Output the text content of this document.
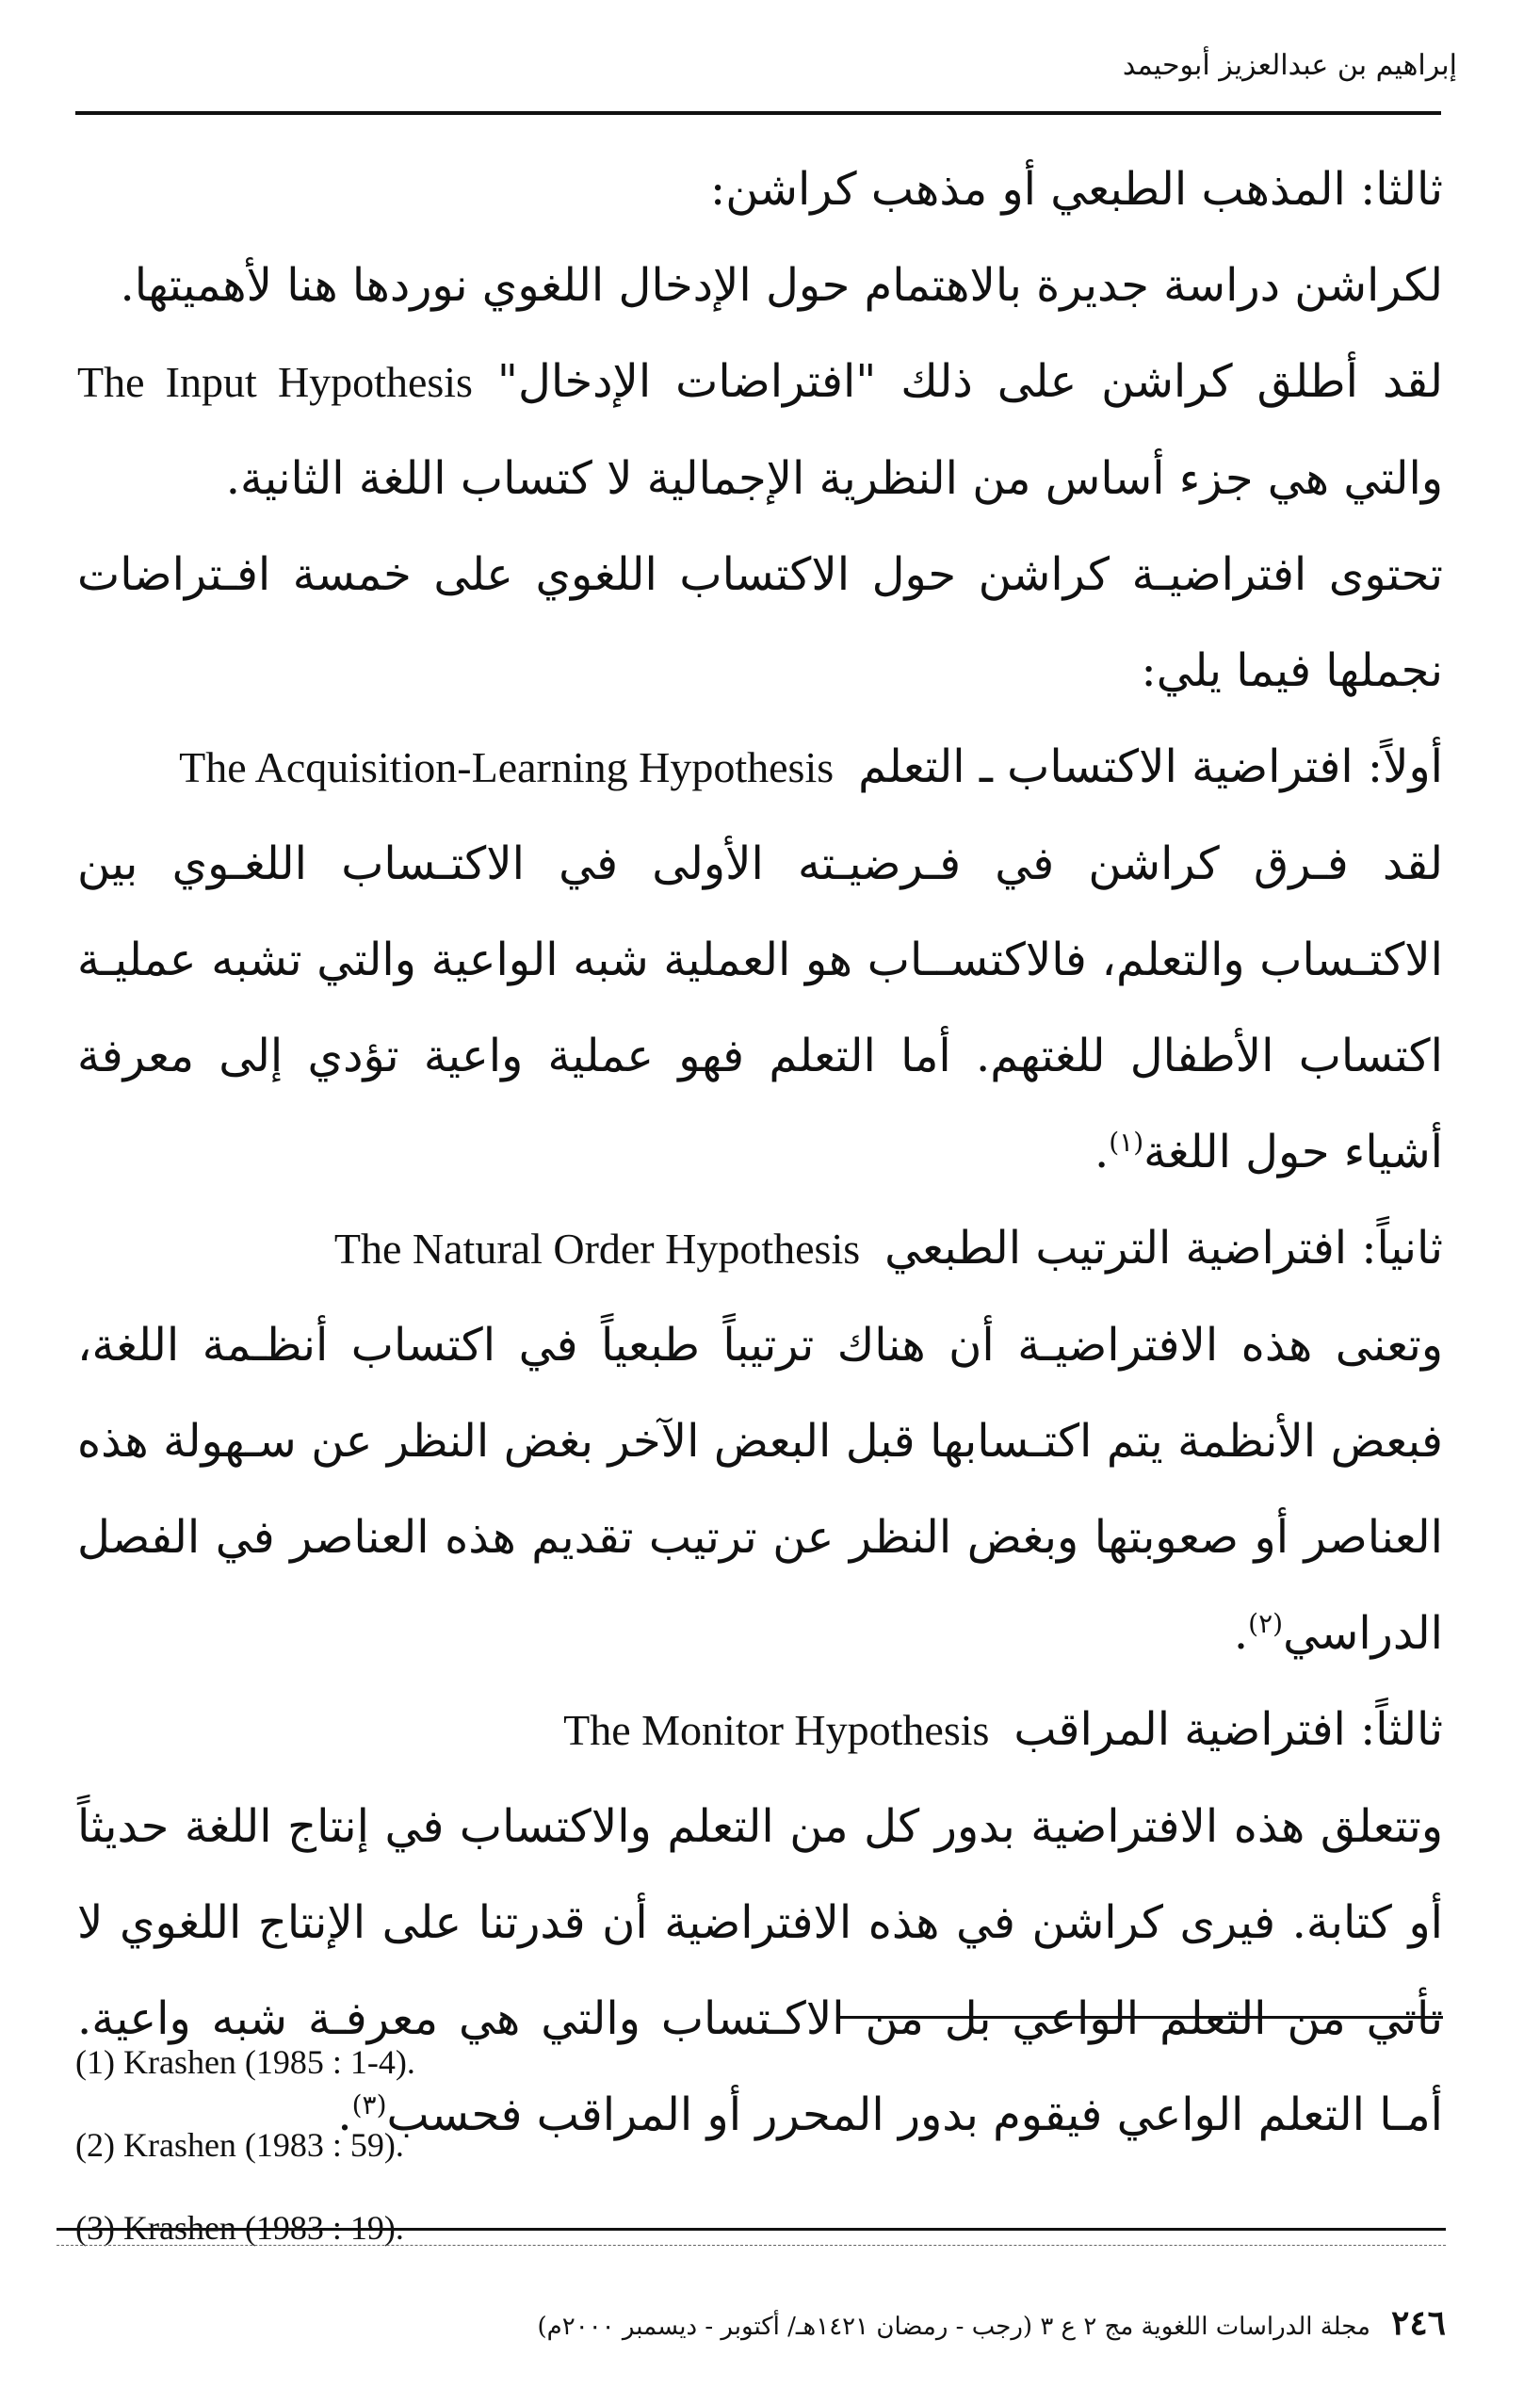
إبراهيم بن عبدالعزيز أبوحيمد

ثالثا: المذهب الطبعي أو مذهب كراشن:

لكراشن دراسة جديرة بالاهتمام حول الإدخال اللغوي نوردها هنا لأهميتها.

لقد أطلق كراشن على ذلك "افتراضات الإدخال" The Input Hypothesis والتي هي جزء أساس من النظرية الإجمالية لا كتساب اللغة الثانية.

تحتوى افتراضيـة كراشن حول الاكتساب اللغوي على خمسة افـتراضات نجملها فيما يلي:

أولاً: افتراضية الاكتساب ـ التعلم
The Acquisition-Learning Hypothesis

لقد فـرق كراشن في فـرضيـته الأولى في الاكتـساب اللغـوي بين الاكتـساب والتعلم، فالاكتســاب هو العملية شبه الواعية والتي تشبه عمليـة اكتساب الأطفال للغتهم. أما التعلم فهو عملية واعية تؤدي إلى معرفة أشياء حول اللغة$^{(١)}$.

ثانياً: افتراضية الترتيب الطبعي
The Natural Order Hypothesis

وتعنى هذه الافتراضيـة أن هناك ترتيباً طبعياً في اكتساب أنظـمة اللغة، فبعض الأنظمة يتم اكتـسابها قبل البعض الآخر بغض النظر عن سـهولة هذه العناصر أو صعوبتها وبغض النظر عن ترتيب تقديم هذه العناصر في الفصل الدراسي$^{(٢)}$.

ثالثاً: افتراضية المراقب
The Monitor Hypothesis

وتتعلق هذه الافتراضية بدور كل من التعلم والاكتساب في إنتاج اللغة حديثاً أو كتابة. فيرى كراشن في هذه الافتراضية أن قدرتنا على الإنتاج اللغوي لا تأتي من التعلم الواعي بل من الاكـتساب والتي هي معرفـة شبه واعية. أمـا التعلم الواعي فيقوم بدور المحرر أو المراقب فحسب$^{(٣)}$.

(1) Krashen (1985 : 1-4).
(2) Krashen (1983 : 59).
(3) Krashen (1983 : 19).
٢٤٦
مجلة الدراسات اللغوية مج ٢ ع ٣ (رجب - رمضان ١٤٢١هـ/ أكتوبر - ديسمبر ٢٠٠٠م)
